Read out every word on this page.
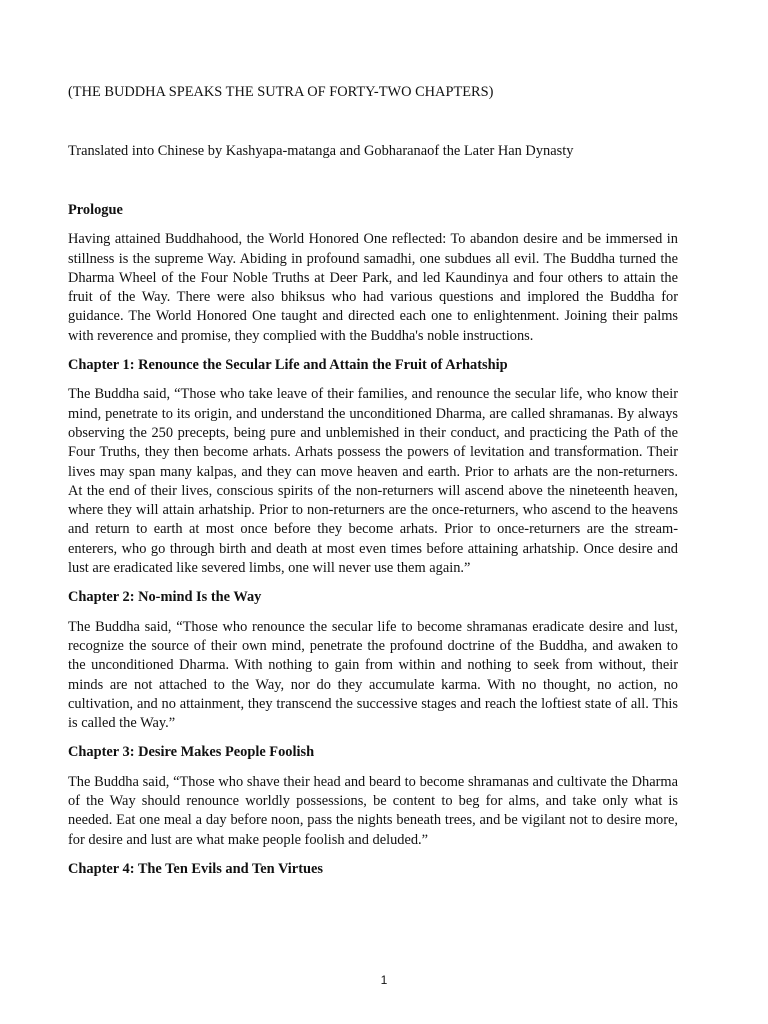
(THE BUDDHA SPEAKS THE SUTRA OF FORTY-TWO CHAPTERS)
Translated into Chinese by Kashyapa-matanga and Gobharanaof the Later Han Dynasty
Prologue

Having attained Buddhahood, the World Honored One reflected: To abandon desire and be immersed in stillness is the supreme Way. Abiding in profound samadhi, one subdues all evil. The Buddha turned the Dharma Wheel of the Four Noble Truths at Deer Park, and led Kaundinya and four others to attain the fruit of the Way. There were also bhiksus who had various questions and implored the Buddha for guidance. The World Honored One taught and directed each one to enlightenment. Joining their palms with reverence and promise, they complied with the Buddha's noble instructions.

Chapter 1: Renounce the Secular Life and Attain the Fruit of Arhatship

The Buddha said, “Those who take leave of their families, and renounce the secular life, who know their mind, penetrate to its origin, and understand the unconditioned Dharma, are called shramanas. By always observing the 250 precepts, being pure and unblemished in their conduct, and practicing the Path of the Four Truths, they then become arhats. Arhats possess the powers of levitation and transformation. Their lives may span many kalpas, and they can move heaven and earth. Prior to arhats are the non-returners. At the end of their lives, conscious spirits of the non-returners will ascend above the nineteenth heaven, where they will attain arhatship. Prior to non-returners are the once-returners, who ascend to the heavens and return to earth at most once before they become arhats. Prior to once-returners are the stream-enterers, who go through birth and death at most even times before attaining arhatship. Once desire and lust are eradicated like severed limbs, one will never use them again.”

Chapter 2: No-mind Is the Way

The Buddha said, “Those who renounce the secular life to become shramanas eradicate desire and lust, recognize the source of their own mind, penetrate the profound doctrine of the Buddha, and awaken to the unconditioned Dharma. With nothing to gain from within and nothing to seek from without, their minds are not attached to the Way, nor do they accumulate karma. With no thought, no action, no cultivation, and no attainment, they transcend the successive stages and reach the loftiest state of all. This is called the Way.”

Chapter 3: Desire Makes People Foolish

The Buddha said, “Those who shave their head and beard to become shramanas and cultivate the Dharma of the Way should renounce worldly possessions, be content to beg for alms, and take only what is needed. Eat one meal a day before noon, pass the nights beneath trees, and be vigilant not to desire more, for desire and lust are what make people foolish and deluded.”

Chapter 4: The Ten Evils and Ten Virtues
1
